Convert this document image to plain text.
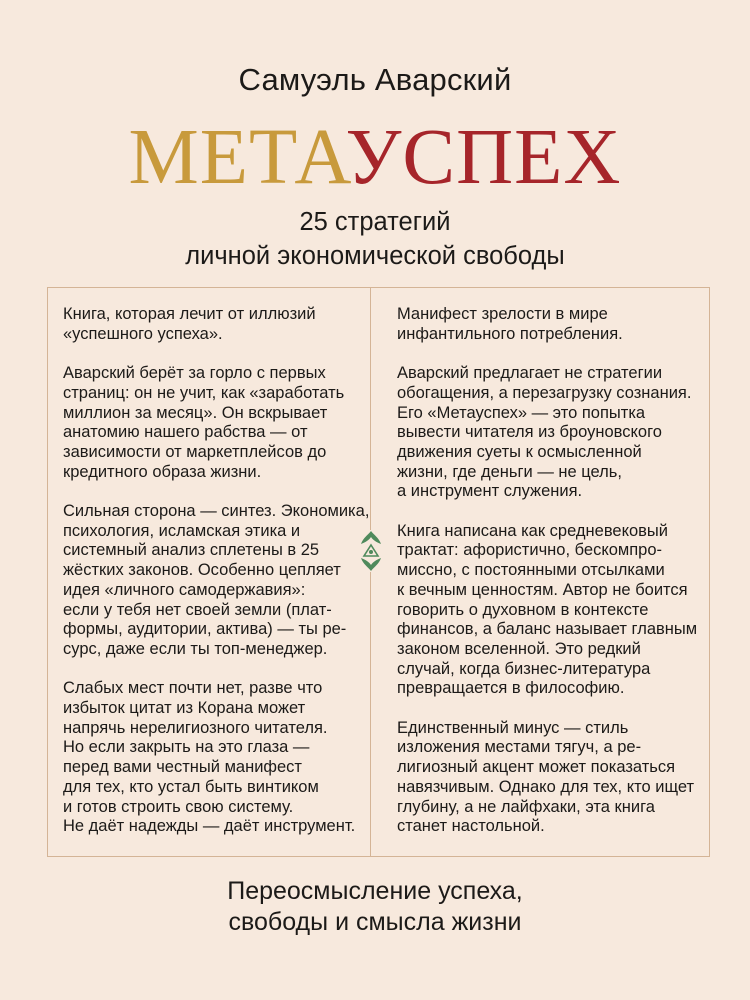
Самуэль Аварский
МЕТАУСПЕХ
25 стратегий
личной экономической свободы
Книга, которая лечит от иллюзий
«успешного успеха».
Аварский берёт за горло с первых
страниц: он не учит, как «заработать
миллион за месяц». Он вскрывает
анатомию нашего рабства — от
зависимости от маркетплейсов до
кредитного образа жизни.
Сильная сторона — синтез. Экономика,
психология, исламская этика и
системный анализ сплетены в 25
жёстких законов. Особенно цепляет
идея «личного самодержавия»:
если у тебя нет своей земли (плат-
формы, аудитории, актива) — ты ре-
сурс, даже если ты топ-менеджер.
Слабых мест почти нет, разве что
избыток цитат из Корана может
напрячь нерелигиозного читателя.
Но если закрыть на это глаза —
перед вами честный манифест
для тех, кто устал быть винтиком
и готов строить свою систему.
Не даёт надежды — даёт инструмент.
Манифест зрелости в мире
инфантильного потребления.
Аварский предлагает не стратегии
обогащения, а перезагрузку сознания.
Его «Метауспех» — это попытка
вывести читателя из броуновского
движения суеты к осмысленной
жизни, где деньги — не цель,
а инструмент служения.
Книга написана как средневековый
трактат: афористично, бескомпро-
миссно, с постоянными отсылками
к вечным ценностям. Автор не боится
говорить о духовном в контексте
финансов, а баланс называет главным
законом вселенной. Это редкий
случай, когда бизнес-литература
превращается в философию.
Единственный минус — стиль
изложения местами тягуч, а ре-
лигиозный акцент может показаться
навязчивым. Однако для тех, кто ищет
глубину, а не лайфхаки, эта книга
станет настольной.
Переосмысление успеха,
свободы и смысла жизни
